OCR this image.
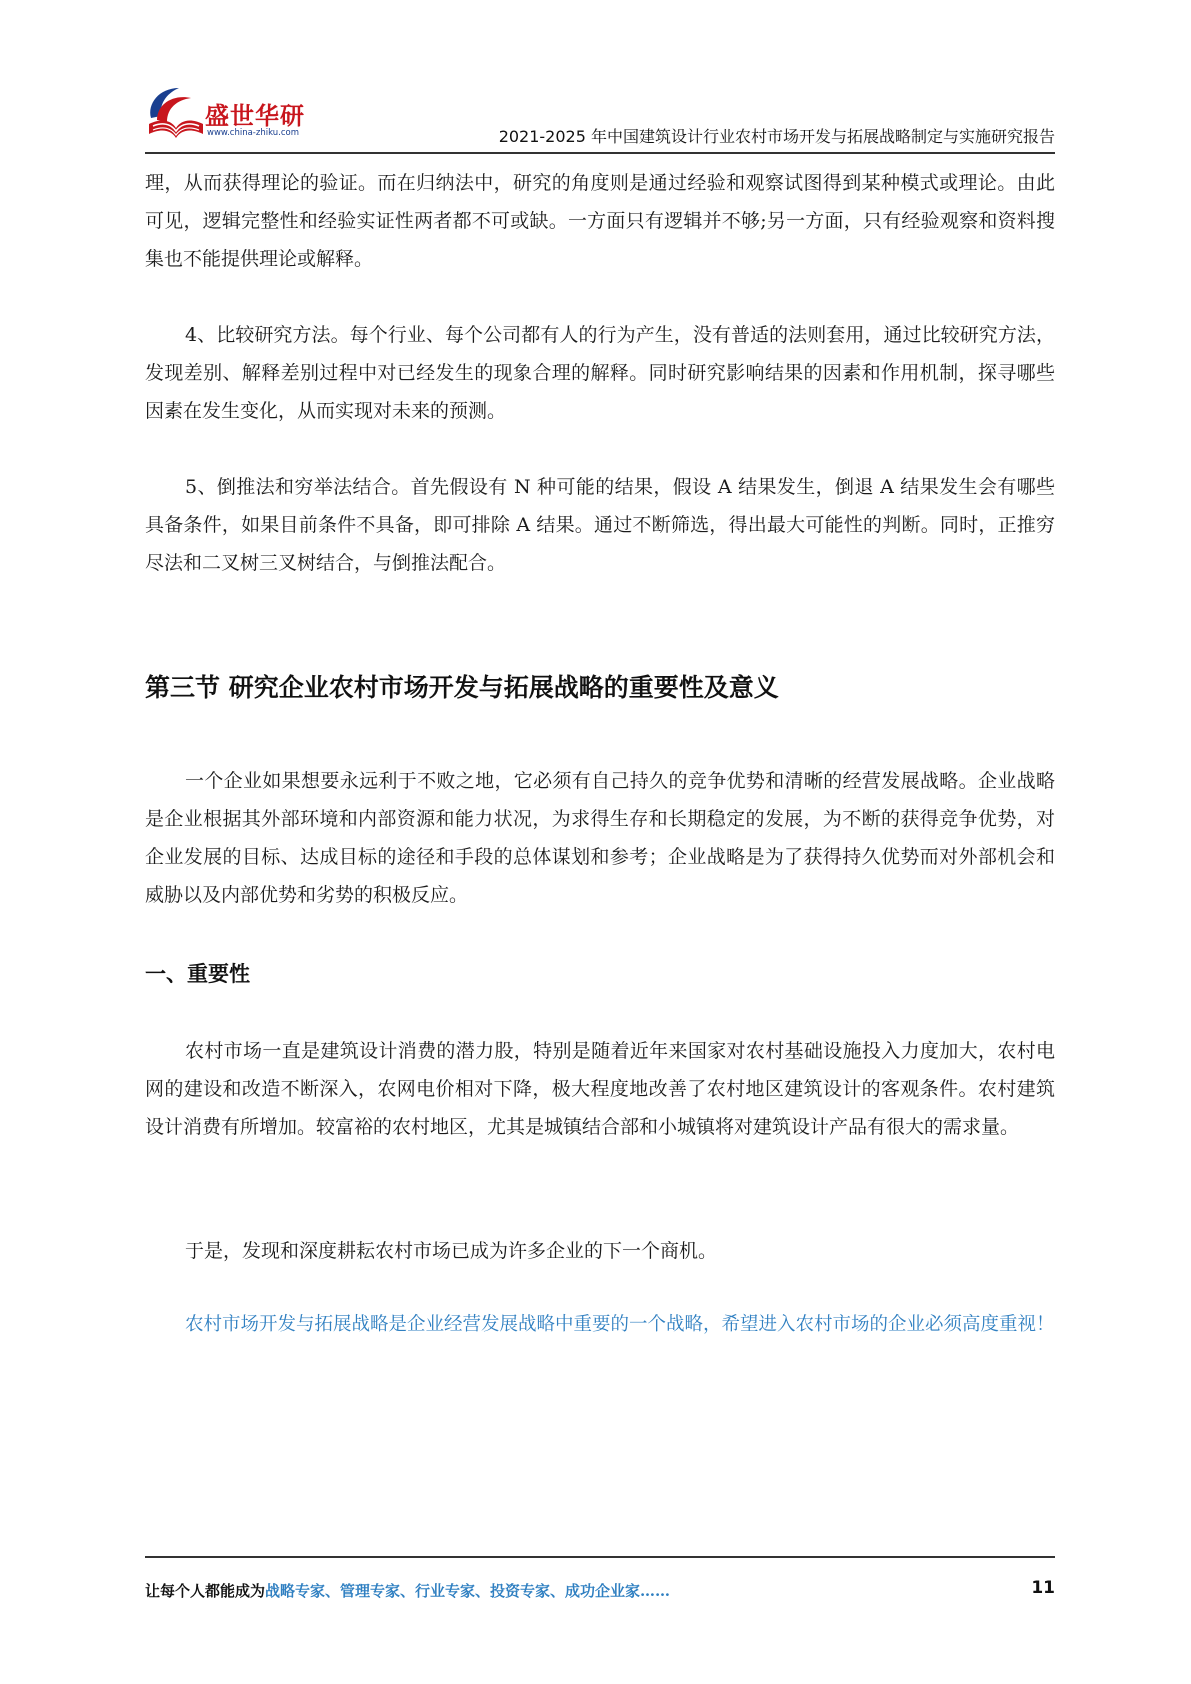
盛世华研
www.china-zhiku.com	2021-2025 年中国建筑设计行业农村市场开发与拓展战略制定与实施研究报告

理，从而获得理论的验证。而在归纳法中，研究的角度则是通过经验和观察试图得到某种模式或理论。由此可见，逻辑完整性和经验实证性两者都不可或缺。一方面只有逻辑并不够;另一方面，只有经验观察和资料搜集也不能提供理论或解释。

4、比较研究方法。每个行业、每个公司都有人的行为产生，没有普适的法则套用，通过比较研究方法，发现差别、解释差别过程中对已经发生的现象合理的解释。同时研究影响结果的因素和作用机制，探寻哪些因素在发生变化，从而实现对未来的预测。

5、倒推法和穷举法结合。首先假设有 N 种可能的结果，假设 A 结果发生，倒退 A 结果发生会有哪些具备条件，如果目前条件不具备，即可排除 A 结果。通过不断筛选，得出最大可能性的判断。同时，正推穷尽法和二叉树三叉树结合，与倒推法配合。

第三节 研究企业农村市场开发与拓展战略的重要性及意义

一个企业如果想要永远利于不败之地，它必须有自己持久的竞争优势和清晰的经营发展战略。企业战略是企业根据其外部环境和内部资源和能力状况，为求得生存和长期稳定的发展，为不断的获得竞争优势，对企业发展的目标、达成目标的途径和手段的总体谋划和参考；企业战略是为了获得持久优势而对外部机会和威胁以及内部优势和劣势的积极反应。

一、重要性

农村市场一直是建筑设计消费的潜力股，特别是随着近年来国家对农村基础设施投入力度加大，农村电网的建设和改造不断深入，农网电价相对下降，极大程度地改善了农村地区建筑设计的客观条件。农村建筑设计消费有所增加。较富裕的农村地区，尤其是城镇结合部和小城镇将对建筑设计产品有很大的需求量。

于是，发现和深度耕耘农村市场已成为许多企业的下一个商机。

农村市场开发与拓展战略是企业经营发展战略中重要的一个战略，希望进入农村市场的企业必须高度重视！

让每个人都能成为战略专家、管理专家、行业专家、投资专家、成功企业家……	11
